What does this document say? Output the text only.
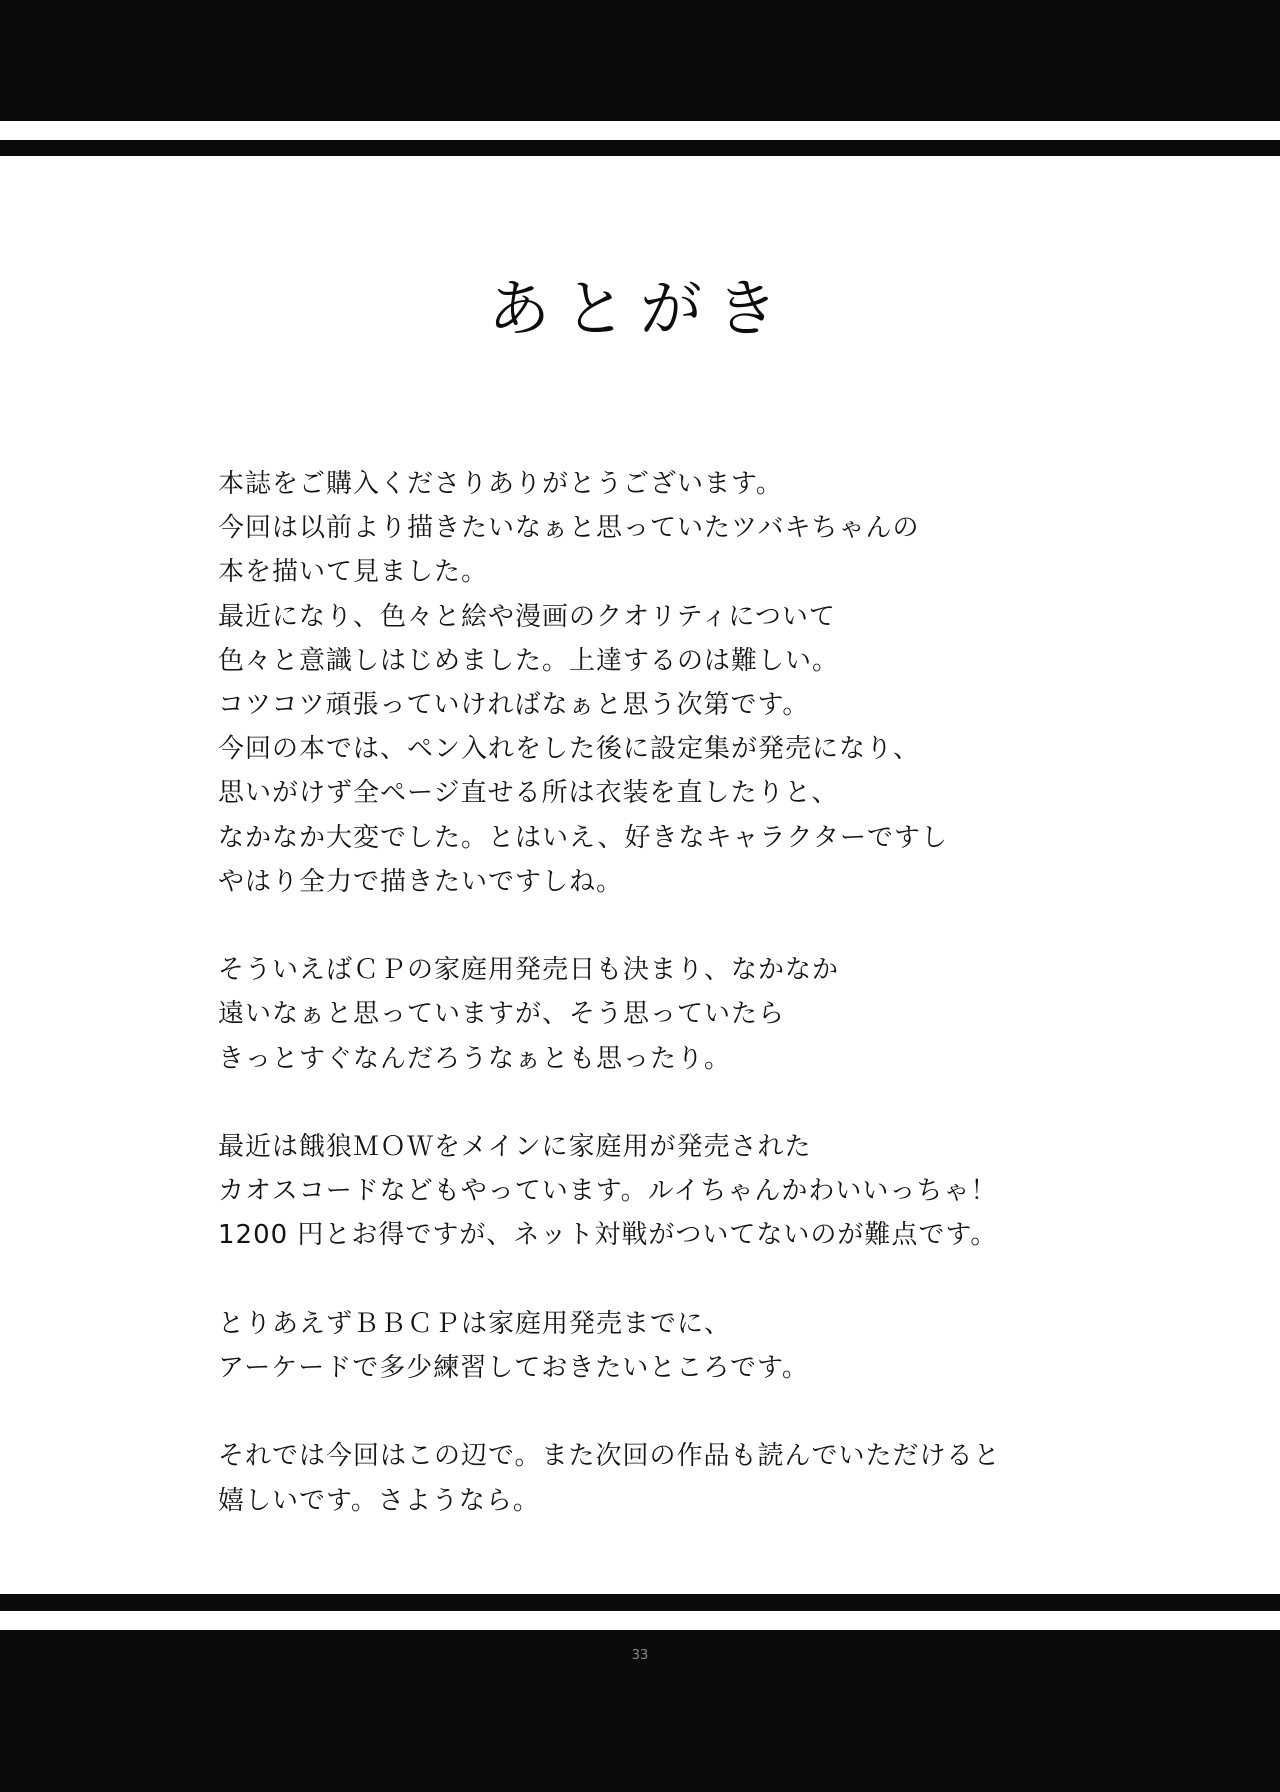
あとがき

本誌をご購入くださりありがとうございます。
今回は以前より描きたいなぁと思っていたツバキちゃんの
本を描いて見ました。
最近になり、色々と絵や漫画のクオリティについて
色々と意識しはじめました。上達するのは難しい。
コツコツ頑張っていければなぁと思う次第です。
今回の本では、ペン入れをした後に設定集が発売になり、
思いがけず全ページ直せる所は衣装を直したりと、
なかなか大変でした。とはいえ、好きなキャラクターですし
やはり全力で描きたいですしね。

そういえばＣＰの家庭用発売日も決まり、なかなか
遠いなぁと思っていますが、そう思っていたら
きっとすぐなんだろうなぁとも思ったり。

最近は餓狼ＭＯＷをメインに家庭用が発売された
カオスコードなどもやっています。ルイちゃんかわいいっちゃ！
1200 円とお得ですが、ネット対戦がついてないのが難点です。

とりあえずＢＢＣＰは家庭用発売までに、
アーケードで多少練習しておきたいところです。

それでは今回はこの辺で。また次回の作品も読んでいただけると
嬉しいです。さようなら。

33
